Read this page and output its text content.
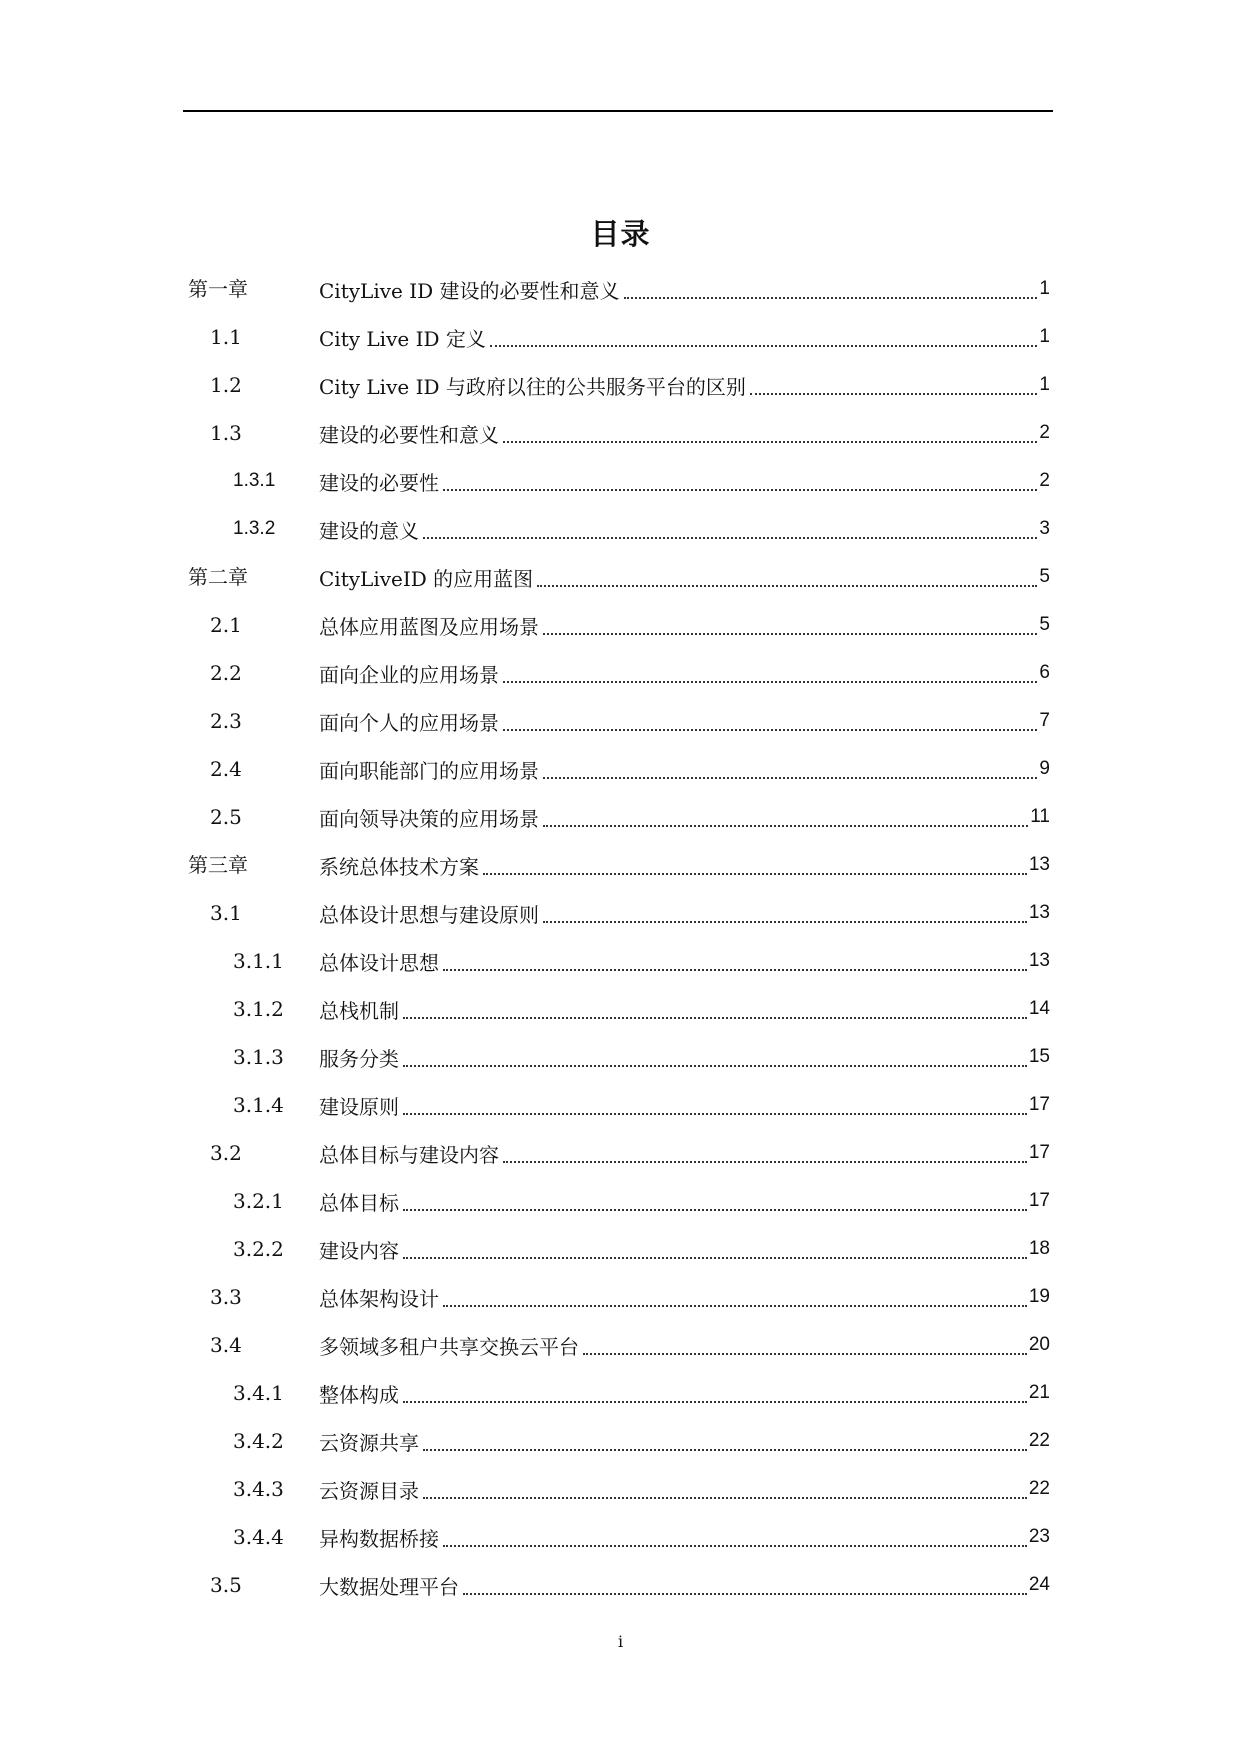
目录
第一章	CityLive ID 建设的必要性和意义	1
1.1	City Live ID 定义	1
1.2	City Live ID 与政府以往的公共服务平台的区别	1
1.3	建设的必要性和意义	2
1.3.1 建设的必要性	2
1.3.2 建设的意义	3
第二章	CityLiveID 的应用蓝图	5
2.1	总体应用蓝图及应用场景	5
2.2	面向企业的应用场景	6
2.3	面向个人的应用场景	7
2.4	面向职能部门的应用场景	9
2.5	面向领导决策的应用场景	11
第三章	系统总体技术方案	13
3.1	总体设计思想与建设原则	13
3.1.1 总体设计思想	13
3.1.2 总栈机制	14
3.1.3 服务分类	15
3.1.4 建设原则	17
3.2	总体目标与建设内容	17
3.2.1 总体目标	17
3.2.2 建设内容	18
3.3	总体架构设计	19
3.4	多领域多租户共享交换云平台	20
3.4.1 整体构成	21
3.4.2 云资源共享	22
3.4.3 云资源目录	22
3.4.4 异构数据桥接	23
3.5	大数据处理平台	24
i
